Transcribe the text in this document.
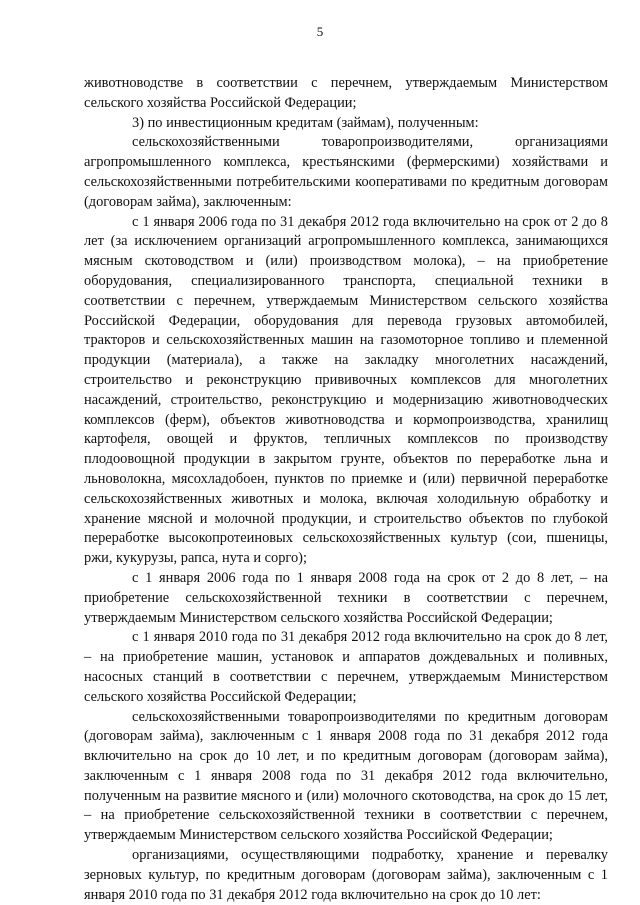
5

животноводстве в соответствии с перечнем, утверждаемым Министерством сельского хозяйства Российской Федерации;

3) по инвестиционным кредитам (займам), полученным:

сельскохозяйственными товаропроизводителями, организациями агропромышленного комплекса, крестьянскими (фермерскими) хозяйствами и сельскохозяйственными потребительскими кооперативами по кредитным договорам (договорам займа), заключенным:

с 1 января 2006 года по 31 декабря 2012 года включительно на срок от 2 до 8 лет (за исключением организаций агропромышленного комплекса, занимающихся мясным скотоводством и (или) производством молока), – на приобретение оборудования, специализированного транспорта, специальной техники в соответствии с перечнем, утверждаемым Министерством сельского хозяйства Российской Федерации, оборудования для перевода грузовых автомобилей, тракторов и сельскохозяйственных машин на газомоторное топливо и племенной продукции (материала), а также на закладку многолетних насаждений, строительство и реконструкцию прививочных комплексов для многолетних насаждений, строительство, реконструкцию и модернизацию животноводческих комплексов (ферм), объектов животноводства и кормопроизводства, хранилищ картофеля, овощей и фруктов, тепличных комплексов по производству плодоовощной продукции в закрытом грунте, объектов по переработке льна и льноволокна, мясохладобоен, пунктов по приемке и (или) первичной переработке сельскохозяйственных животных и молока, включая холодильную обработку и хранение мясной и молочной продукции, и строительство объектов по глубокой переработке высокопротеиновых сельскохозяйственных культур (сои, пшеницы, ржи, кукурузы, рапса, нута и сорго);

с 1 января 2006 года по 1 января 2008 года на срок от 2 до 8 лет, – на приобретение сельскохозяйственной техники в соответствии с перечнем, утверждаемым Министерством сельского хозяйства Российской Федерации;

с 1 января 2010 года по 31 декабря 2012 года включительно на срок до 8 лет, – на приобретение машин, установок и аппаратов дождевальных и поливных, насосных станций в соответствии с перечнем, утверждаемым Министерством сельского хозяйства Российской Федерации;

сельскохозяйственными товаропроизводителями по кредитным договорам (договорам займа), заключенным с 1 января 2008 года по 31 декабря 2012 года включительно на срок до 10 лет, и по кредитным договорам (договорам займа), заключенным с 1 января 2008 года по 31 декабря 2012 года включительно, полученным на развитие мясного и (или) молочного скотоводства, на срок до 15 лет, – на приобретение сельскохозяйственной техники в соответствии с перечнем, утверждаемым Министерством сельского хозяйства Российской Федерации;

организациями, осуществляющими подработку, хранение и перевалку зерновых культур, по кредитным договорам (договорам займа), заключенным с 1 января 2010 года по 31 декабря 2012 года включительно на срок до 10 лет:
